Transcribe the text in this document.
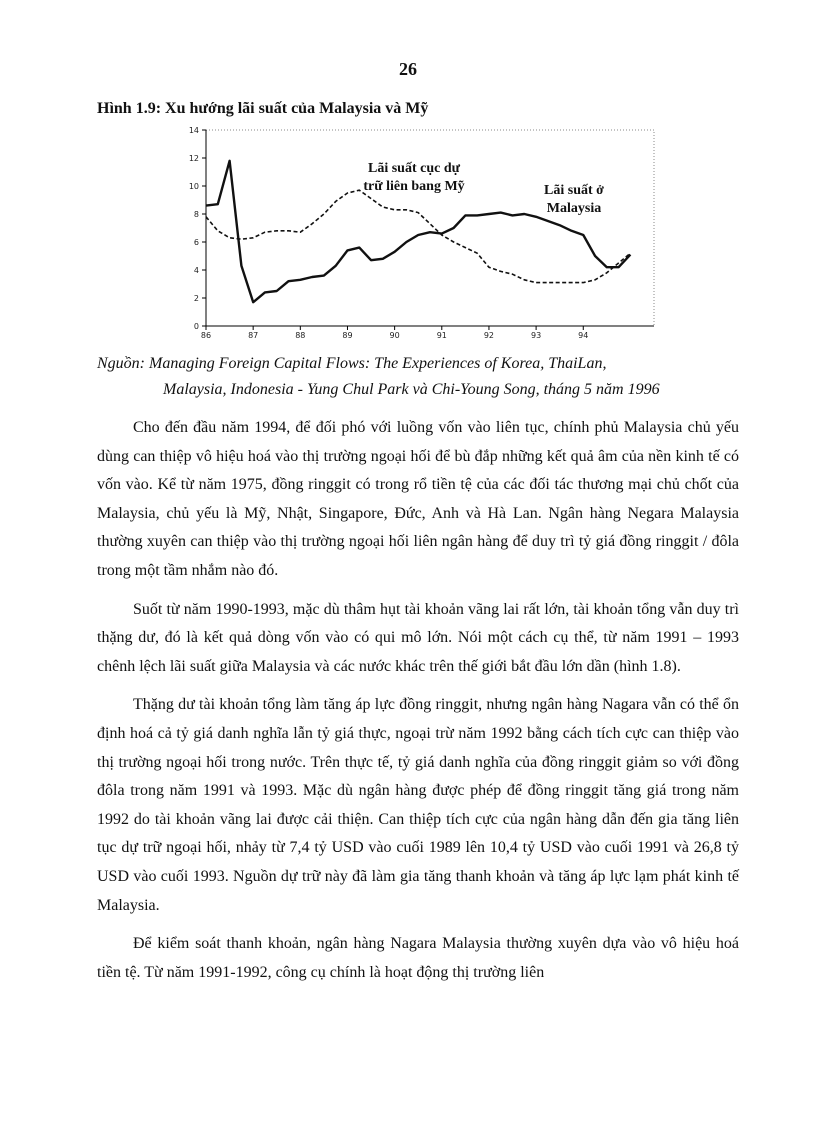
26
Hình 1.9: Xu hướng lãi suất của Malaysia và Mỹ
0
2
4
6
8
10
12
14
86	87	88	89	90	91	92	93	94
Lãi suất cục dự
trữ liên bang Mỹ	Lãi suất ở
Malaysia
Nguồn: Managing Foreign Capital Flows: The Experiences of Korea, ThaiLan,
Malaysia, Indonesia - Yung Chul Park và Chi-Young Song, tháng 5 năm 1996

Cho đến đầu năm 1994, để đối phó với luồng vốn vào liên tục, chính phủ Malaysia chủ yếu dùng can thiệp vô hiệu hoá vào thị trường ngoại hối để bù đắp những kết quả âm của nền kinh tế có vốn vào. Kể từ năm 1975, đồng ringgit có trong rổ tiền tệ của các đối tác thương mại chủ chốt của Malaysia, chủ yếu là Mỹ, Nhật, Singapore, Đức, Anh và Hà Lan. Ngân hàng Negara Malaysia thường xuyên can thiệp vào thị trường ngoại hối liên ngân hàng để duy trì tỷ giá đồng ringgit / đôla trong một tầm nhắm nào đó.

Suốt từ năm 1990-1993, mặc dù thâm hụt tài khoản vãng lai rất lớn, tài khoản tổng vẫn duy trì thặng dư, đó là kết quả dòng vốn vào có qui mô lớn. Nói một cách cụ thể, từ năm 1991 – 1993 chênh lệch lãi suất giữa Malaysia và các nước khác trên thế giới bắt đầu lớn dần (hình 1.8).

Thặng dư tài khoản tổng làm tăng áp lực đồng ringgit, nhưng ngân hàng Nagara vẫn có thể ổn định hoá cả tỷ giá danh nghĩa lẫn tỷ giá thực, ngoại trừ năm 1992 bằng cách tích cực can thiệp vào thị trường ngoại hối trong nước. Trên thực tế, tỷ giá danh nghĩa của đồng ringgit giảm so với đồng đôla trong năm 1991 và 1993. Mặc dù ngân hàng được phép để đồng ringgit tăng giá trong năm 1992 do tài khoản vãng lai được cải thiện. Can thiệp tích cực của ngân hàng dẫn đến gia tăng liên tục dự trữ ngoại hối, nhảy từ 7,4 tỷ USD vào cuối 1989 lên 10,4 tỷ USD vào cuối 1991 và 26,8 tỷ USD vào cuối 1993. Nguồn dự trữ này đã làm gia tăng thanh khoản và tăng áp lực lạm phát kinh tế Malaysia.

Để kiểm soát thanh khoản, ngân hàng Nagara Malaysia thường xuyên dựa vào vô hiệu hoá tiền tệ. Từ năm 1991-1992, công cụ chính là hoạt động thị trường liên
